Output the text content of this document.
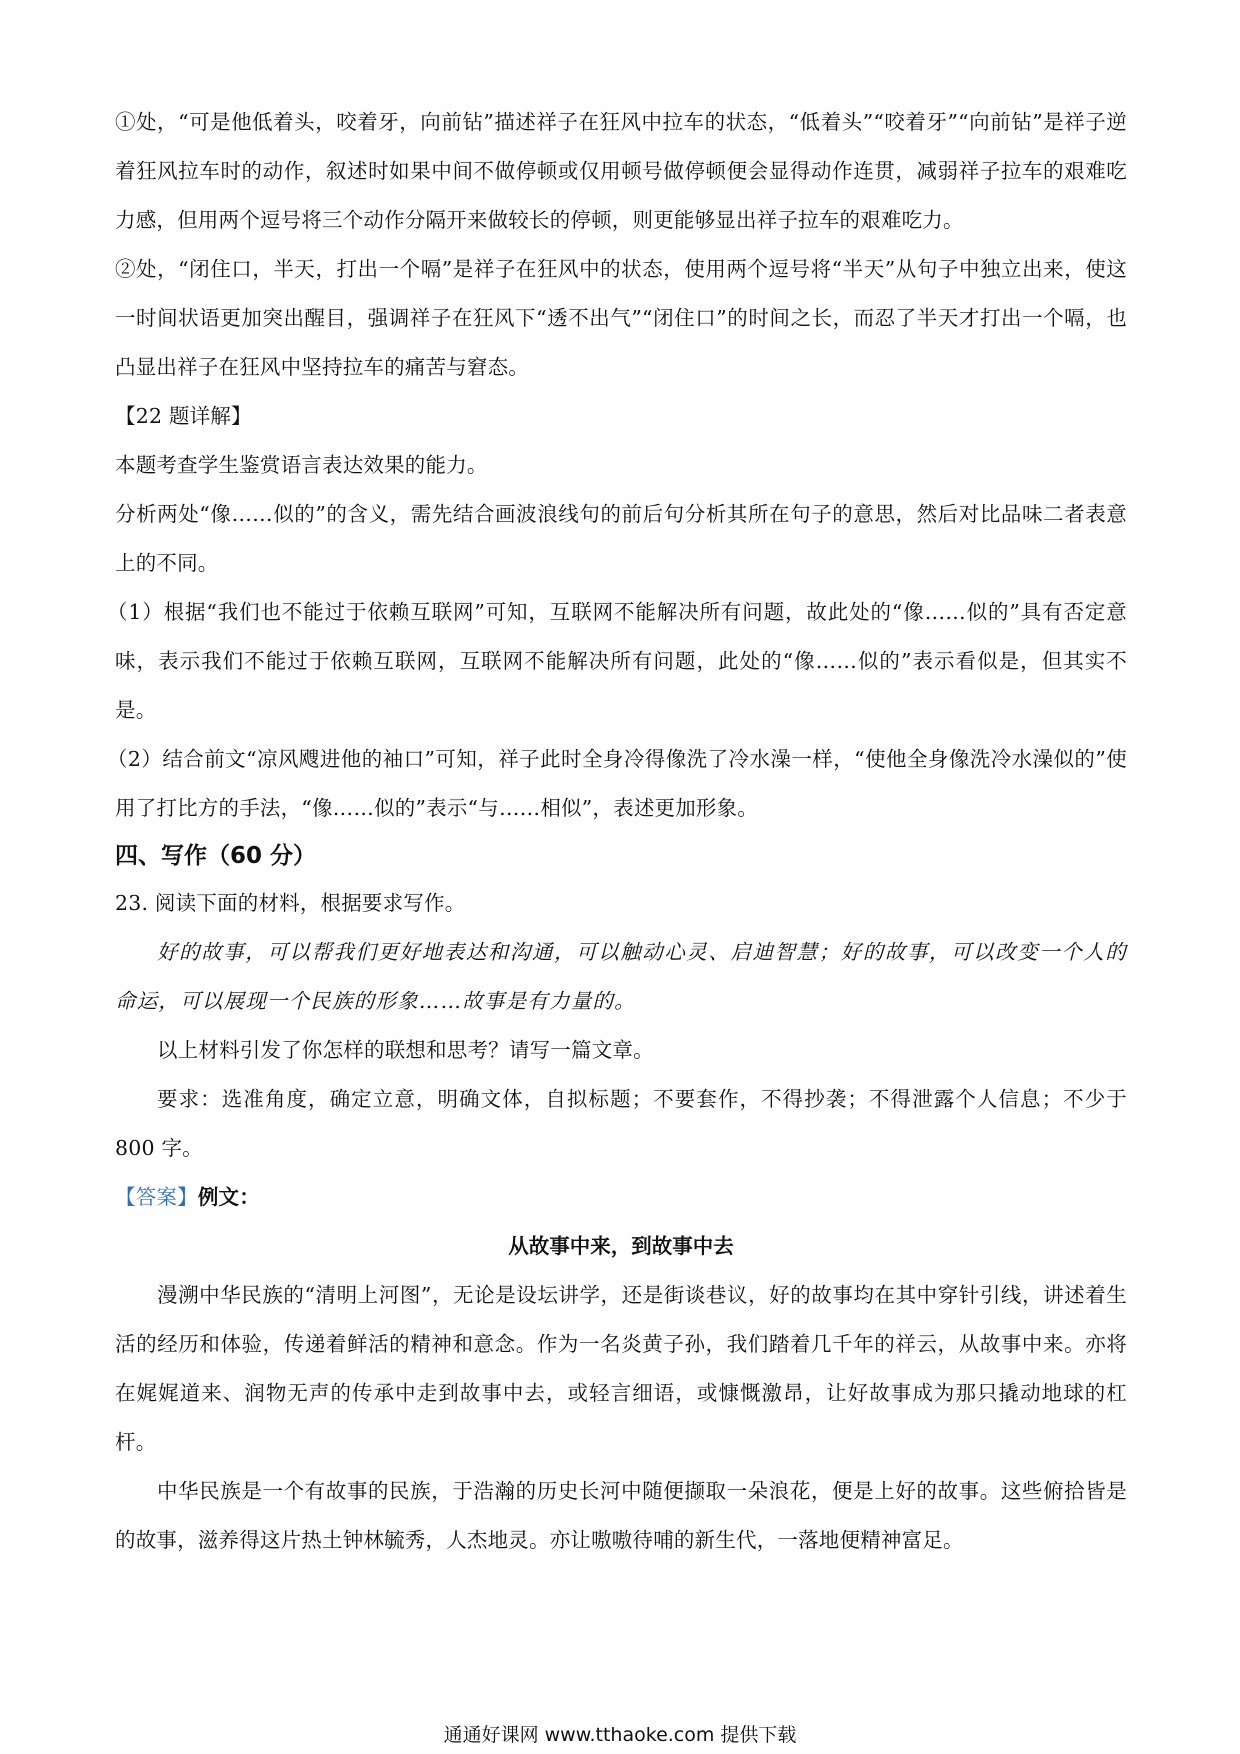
①处，“可是他低着头，咬着牙，向前钻”描述祥子在狂风中拉车的状态，“低着头”“咬着牙”“向前钻”是祥子逆着狂风拉车时的动作，叙述时如果中间不做停顿或仅用顿号做停顿便会显得动作连贯，减弱祥子拉车的艰难吃力感，但用两个逗号将三个动作分隔开来做较长的停顿，则更能够显出祥子拉车的艰难吃力。

②处，“闭住口，半天，打出一个嗝”是祥子在狂风中的状态，使用两个逗号将“半天”从句子中独立出来，使这一时间状语更加突出醒目，强调祥子在狂风下“透不出气”“闭住口”的时间之长，而忍了半天才打出一个嗝，也凸显出祥子在狂风中坚持拉车的痛苦与窘态。

【22 题详解】

本题考查学生鉴赏语言表达效果的能力。

分析两处“像……似的”的含义，需先结合画波浪线句的前后句分析其所在句子的意思，然后对比品味二者表意上的不同。

（1）根据“我们也不能过于依赖互联网”可知，互联网不能解决所有问题，故此处的“像……似的”具有否定意味，表示我们不能过于依赖互联网，互联网不能解决所有问题，此处的“像……似的”表示看似是，但其实不是。

（2）结合前文“凉风飕进他的袖口”可知，祥子此时全身冷得像洗了冷水澡一样，“使他全身像洗冷水澡似的”使用了打比方的手法，“像……似的”表示“与……相似”，表述更加形象。

四、写作（60 分）

23. 阅读下面的材料，根据要求写作。

好的故事，可以帮我们更好地表达和沟通，可以触动心灵、启迪智慧；好的故事，可以改变一个人的命运，可以展现一个民族的形象……故事是有力量的。

以上材料引发了你怎样的联想和思考？请写一篇文章。

要求：选准角度，确定立意，明确文体，自拟标题；不要套作，不得抄袭；不得泄露个人信息；不少于 800 字。

【答案】例文：

从故事中来，到故事中去

漫溯中华民族的“清明上河图”，无论是设坛讲学，还是街谈巷议，好的故事均在其中穿针引线，讲述着生活的经历和体验，传递着鲜活的精神和意念。作为一名炎黄子孙，我们踏着几千年的祥云，从故事中来。亦将在娓娓道来、润物无声的传承中走到故事中去，或轻言细语，或慷慨激昂，让好故事成为那只撬动地球的杠杆。

中华民族是一个有故事的民族，于浩瀚的历史长河中随便撷取一朵浪花，便是上好的故事。这些俯拾皆是的故事，滋养得这片热土钟林毓秀，人杰地灵。亦让嗷嗷待哺的新生代，一落地便精神富足。

通通好课网 www.tthaoke.com 提供下载
